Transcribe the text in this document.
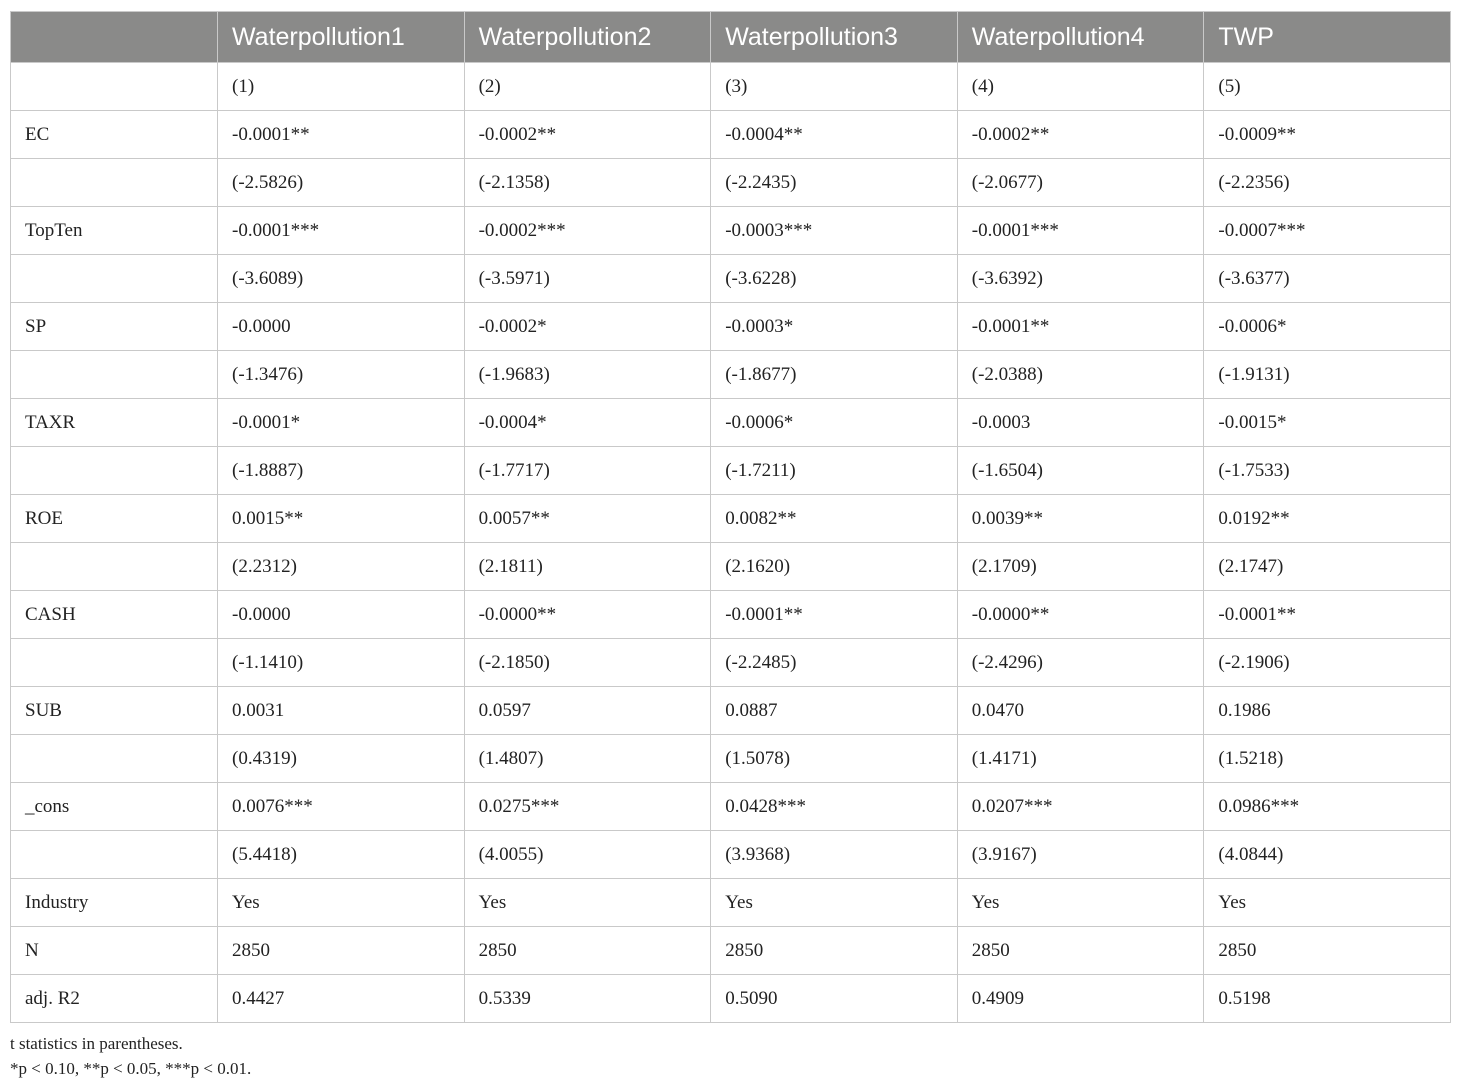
	Waterpollution1	Waterpollution2	Waterpollution3	Waterpollution4	TWP
	(1)	(2)	(3)	(4)	(5)
EC	-0.0001**	-0.0002**	-0.0004**	-0.0002**	-0.0009**
	(-2.5826)	(-2.1358)	(-2.2435)	(-2.0677)	(-2.2356)
TopTen	-0.0001***	-0.0002***	-0.0003***	-0.0001***	-0.0007***
	(-3.6089)	(-3.5971)	(-3.6228)	(-3.6392)	(-3.6377)
SP	-0.0000	-0.0002*	-0.0003*	-0.0001**	-0.0006*
	(-1.3476)	(-1.9683)	(-1.8677)	(-2.0388)	(-1.9131)
TAXR	-0.0001*	-0.0004*	-0.0006*	-0.0003	-0.0015*
	(-1.8887)	(-1.7717)	(-1.7211)	(-1.6504)	(-1.7533)
ROE	0.0015**	0.0057**	0.0082**	0.0039**	0.0192**
	(2.2312)	(2.1811)	(2.1620)	(2.1709)	(2.1747)
CASH	-0.0000	-0.0000**	-0.0001**	-0.0000**	-0.0001**
	(-1.1410)	(-2.1850)	(-2.2485)	(-2.4296)	(-2.1906)
SUB	0.0031	0.0597	0.0887	0.0470	0.1986
	(0.4319)	(1.4807)	(1.5078)	(1.4171)	(1.5218)
_cons	0.0076***	0.0275***	0.0428***	0.0207***	0.0986***
	(5.4418)	(4.0055)	(3.9368)	(3.9167)	(4.0844)
Industry	Yes	Yes	Yes	Yes	Yes
N	2850	2850	2850	2850	2850
adj. R2	0.4427	0.5339	0.5090	0.4909	0.5198
t statistics in parentheses.
*p < 0.10, **p < 0.05, ***p < 0.01.
